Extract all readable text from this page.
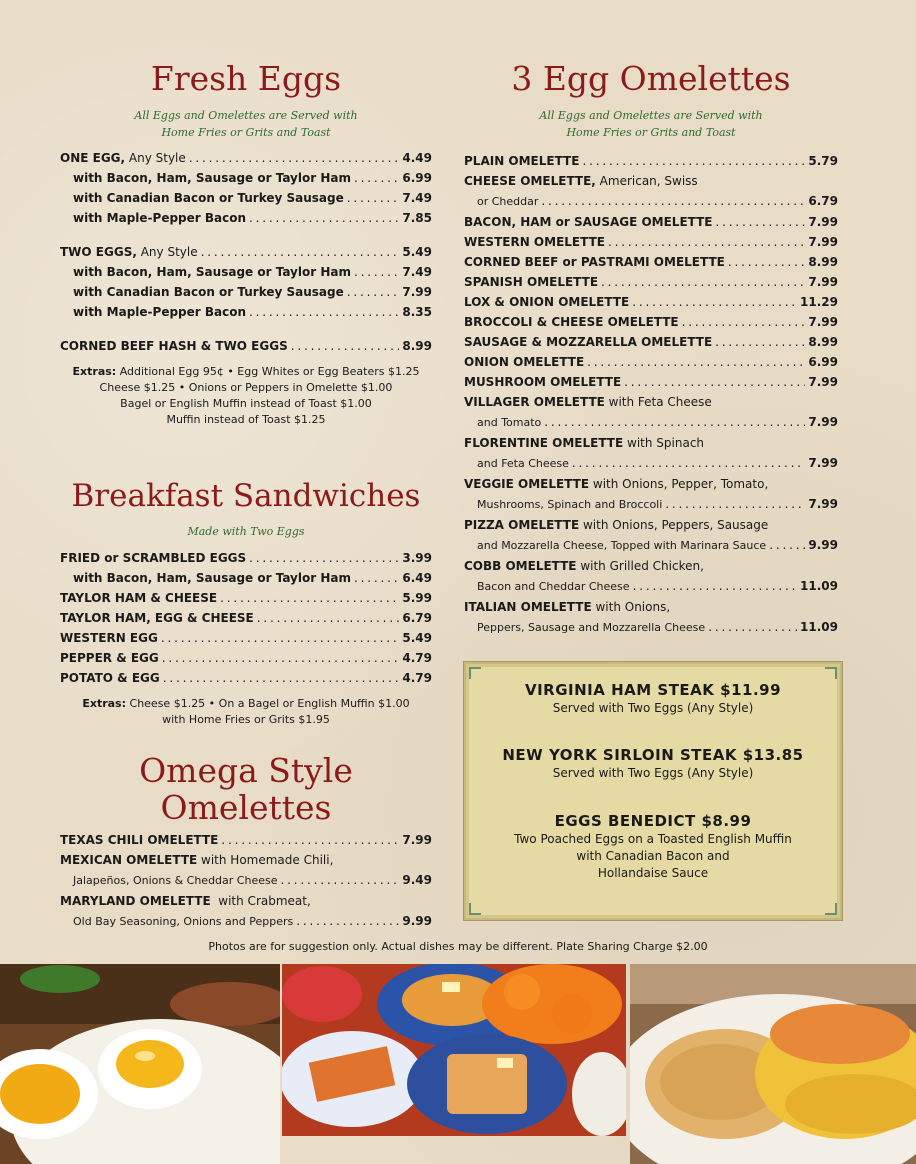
Fresh Eggs

All Eggs and Omelettes are Served with

Home Fries or Grits and Toast

ONE EGG, Any Style . . .	4.49
with Bacon, Ham, Sausage or Taylor Ham . . .	6.99
with Canadian Bacon or Turkey Sausage . . .	7.49
with Maple-Pepper Bacon . . .	7.85
TWO EGGS, Any Style . . .	5.49
with Bacon, Ham, Sausage or Taylor Ham . . .	7.49
with Canadian Bacon or Turkey Sausage . . .	7.99
with Maple-Pepper Bacon . . .	8.35
CORNED BEEF HASH & TWO EGGS . . .	8.99
Extras: Additional Egg 95¢ • Egg Whites or Egg Beaters $1.25
Cheese $1.25 • Onions or Peppers in Omelette $1.00
Bagel or English Muffin instead of Toast $1.00
Muffin instead of Toast $1.25
Breakfast Sandwiches

Made with Two Eggs

FRIED or SCRAMBLED EGGS . . .	3.99
with Bacon, Ham, Sausage or Taylor Ham . . .	6.49
TAYLOR HAM & CHEESE . . .	5.99
TAYLOR HAM, EGG & CHEESE . . .	6.79
WESTERN EGG . . .	5.49
PEPPER & EGG . . .	4.79
POTATO & EGG . . .	4.79
Extras: Cheese $1.25 • On a Bagel or English Muffin $1.00
with Home Fries or Grits $1.95
Omega Style
Omelettes
TEXAS CHILI OMELETTE . . .	7.99
MEXICAN OMELETTE with Homemade Chili,
Jalapeños, Onions & Cheddar Cheese . . .	9.49
MARYLAND OMELETTE with Crabmeat,
Old Bay Seasoning, Onions and Peppers . . .	9.99
3 Egg Omelettes

All Eggs and Omelettes are Served with

Home Fries or Grits and Toast

PLAIN OMELETTE . . .	5.79
CHEESE OMELETTE, American, Swiss
or Cheddar . . .	6.79
BACON, HAM or SAUSAGE OMELETTE . . .	7.99
WESTERN OMELETTE . . .	7.99
CORNED BEEF or PASTRAMI OMELETTE . . .	8.99
SPANISH OMELETTE . . .	7.99
LOX & ONION OMELETTE . . .	11.29
BROCCOLI & CHEESE OMELETTE . . .	7.99
SAUSAGE & MOZZARELLA OMELETTE . . .	8.99
ONION OMELETTE . . .	6.99
MUSHROOM OMELETTE . . .	7.99
VILLAGER OMELETTE with Feta Cheese
and Tomato . . .	7.99
FLORENTINE OMELETTE with Spinach
and Feta Cheese . . .	7.99
VEGGIE OMELETTE with Onions, Pepper, Tomato,
Mushrooms, Spinach and Broccoli . . .	7.99
PIZZA OMELETTE with Onions, Peppers, Sausage
and Mozzarella Cheese, Topped with Marinara Sauce . . .	9.99
COBB OMELETTE with Grilled Chicken,
Bacon and Cheddar Cheese . . .	11.09
ITALIAN OMELETTE with Onions,
Peppers, Sausage and Mozzarella Cheese . . .	11.09
VIRGINIA HAM STEAK $11.99
Served with Two Eggs (Any Style)
NEW YORK SIRLOIN STEAK $13.85
Served with Two Eggs (Any Style)
EGGS BENEDICT $8.99
Two Poached Eggs on a Toasted English Muffin
with Canadian Bacon and
Hollandaise Sauce
Photos are for suggestion only. Actual dishes may be different. Plate Sharing Charge $2.00
